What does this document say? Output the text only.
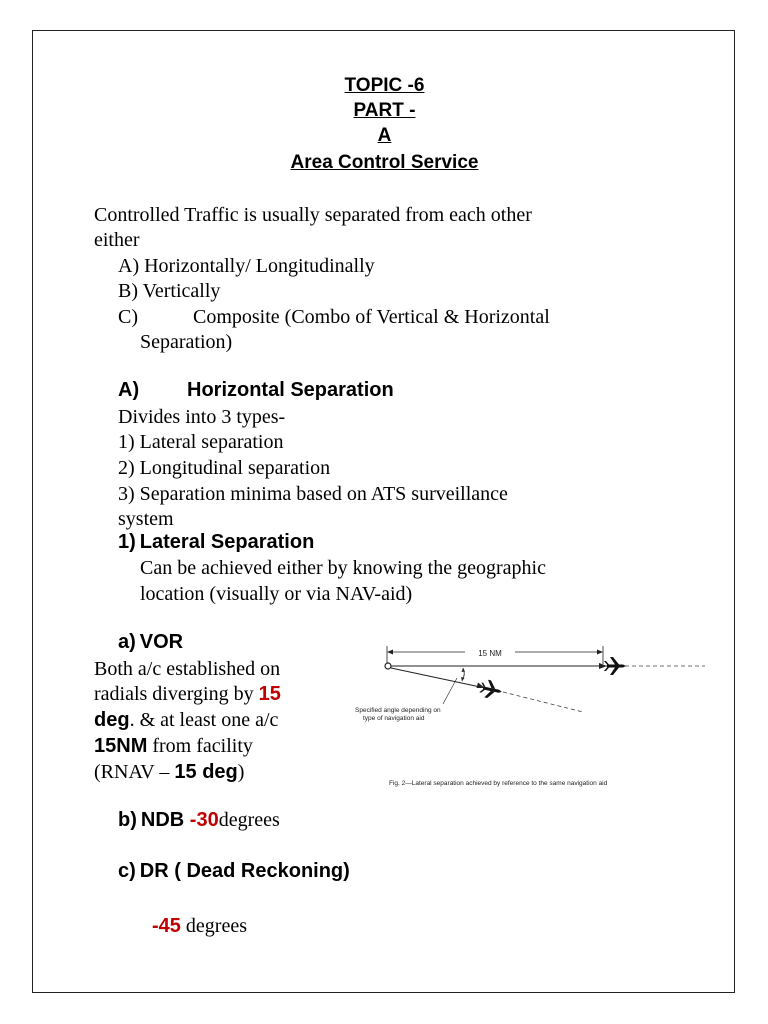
TOPIC -6
PART -
A
Area Control Service
Controlled Traffic is usually separated from each other
either
A) Horizontally/ Longitudinally
B) Vertically
C)	Composite (Combo of Vertical & Horizontal
Separation)
A) Horizontal Separation
Divides into 3 types-
1) Lateral separation
2) Longitudinal separation
3) Separation minima based on ATS surveillance
system
1) Lateral Separation
Can be achieved either by knowing the geographic
location (visually or via NAV-aid)
a) VOR
Both a/c established on
radials diverging by 15
deg. & at least one a/c
15NM from facility
(RNAV – 15 deg)
b) NDB -30degrees
c) DR ( Dead Reckoning)
-45 degrees
15 NM
Specified angle depending on
type of navigation aid
Fig. 2—Lateral separation achieved by reference to the same navigation aid
